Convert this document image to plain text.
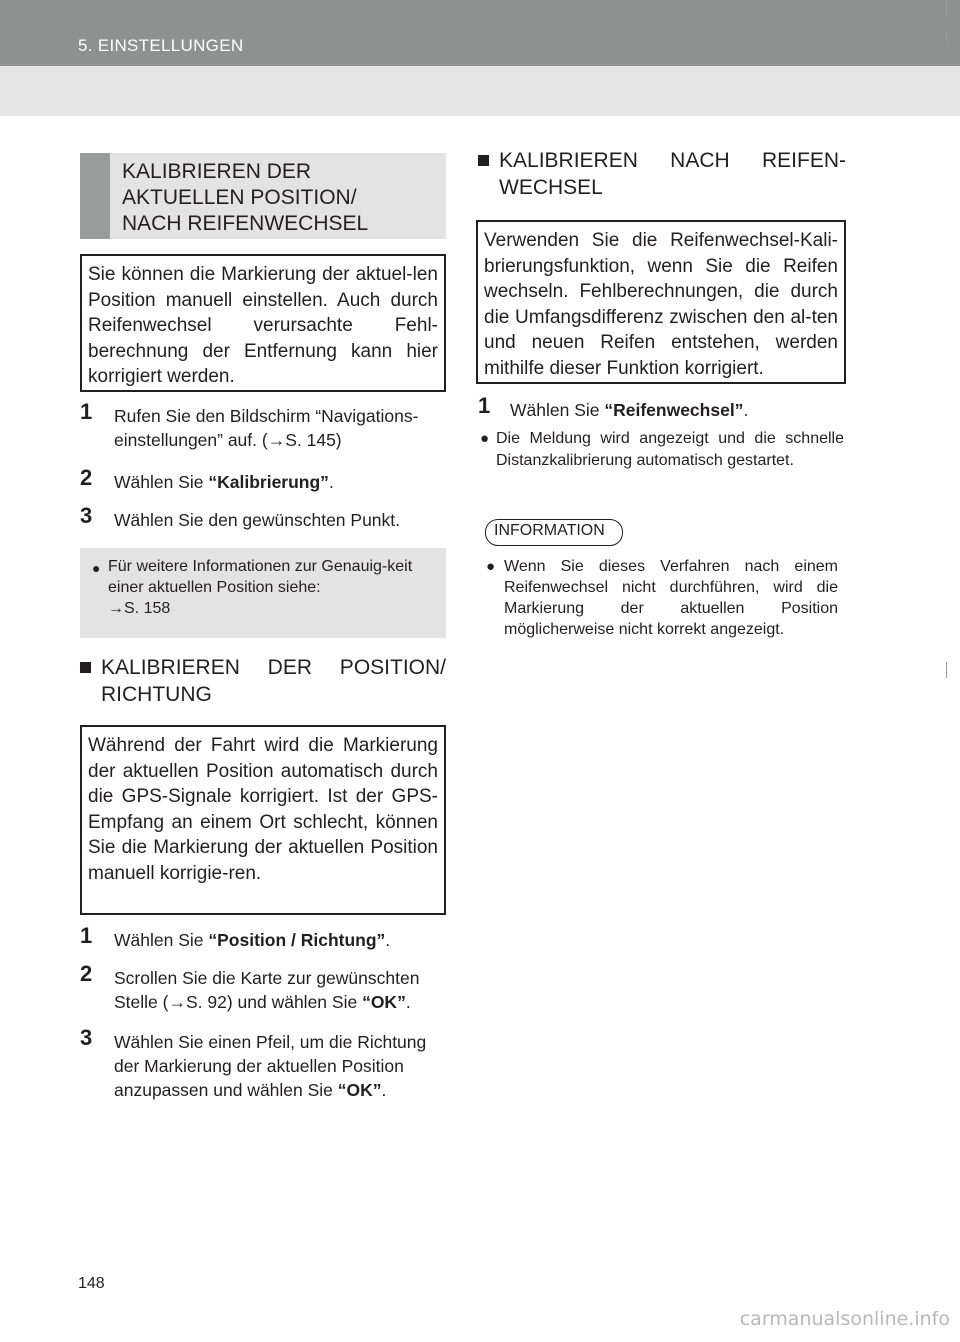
5. EINSTELLUNGEN
KALIBRIEREN DER
AKTUELLEN POSITION/
NACH REIFENWECHSEL
Sie können die Markierung der aktuel-len Position manuell einstellen. Auch durch Reifenwechsel verursachte Fehl-berechnung der Entfernung kann hier korrigiert werden.
1 Rufen Sie den Bildschirm “Navigations-einstellungen” auf. (→S. 145)
2 Wählen Sie “Kalibrierung”.
3 Wählen Sie den gewünschten Punkt.
● Für weitere Informationen zur Genauig-keit einer aktuellen Position siehe:
→S. 158
KALIBRIEREN DER POSITION/ RICHTUNG
Während der Fahrt wird die Markierung der aktuellen Position automatisch durch die GPS-Signale korrigiert. Ist der GPS-Empfang an einem Ort schlecht, können Sie die Markierung der aktuellen Position manuell korrigie-ren.
1 Wählen Sie “Position / Richtung”.
2 Scrollen Sie die Karte zur gewünschten Stelle (→S. 92) und wählen Sie “OK”.
3 Wählen Sie einen Pfeil, um die Richtung der Markierung der aktuellen Position anzupassen und wählen Sie “OK”.
KALIBRIEREN NACH REIFEN-WECHSEL
Verwenden Sie die Reifenwechsel-Kali-brierungsfunktion, wenn Sie die Reifen wechseln. Fehlberechnungen, die durch die Umfangsdifferenz zwischen den al-ten und neuen Reifen entstehen, werden mithilfe dieser Funktion korrigiert.
1 Wählen Sie “Reifenwechsel”.
● Die Meldung wird angezeigt und die schnelle Distanzkalibrierung automatisch gestartet.
INFORMATION
● Wenn Sie dieses Verfahren nach einem Reifenwechsel nicht durchführen, wird die Markierung der aktuellen Position möglicherweise nicht korrekt angezeigt.
148
carmanualsonline.info
